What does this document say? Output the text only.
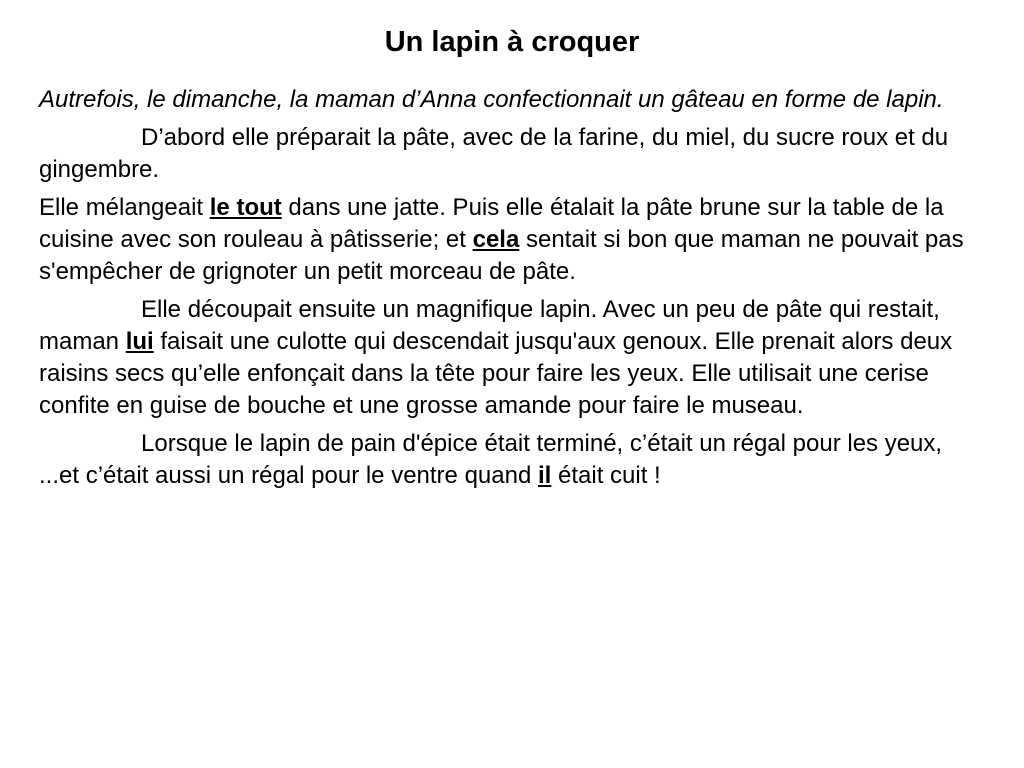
Un lapin à croquer

Autrefois, le dimanche, la maman d’Anna confectionnait un gâteau en forme de lapin.

D’abord elle préparait la pâte, avec de la farine, du miel, du sucre roux et du gingembre.

Elle mélangeait le tout dans une jatte. Puis elle étalait la pâte brune sur la table de la cuisine avec son rouleau à pâtisserie; et cela sentait si bon que maman ne pouvait pas s'empêcher de grignoter un petit morceau de pâte.

Elle découpait ensuite un magnifique lapin. Avec un peu de pâte qui restait, maman lui faisait une culotte qui descendait jusqu'aux genoux. Elle prenait alors deux raisins secs qu’elle enfonçait dans la tête pour faire les yeux. Elle utilisait une cerise confite en guise de bouche et une grosse amande pour faire le museau.

Lorsque le lapin de pain d'épice était terminé, c’était un régal pour les yeux, ...et c’était aussi un régal pour le ventre quand il était cuit !
